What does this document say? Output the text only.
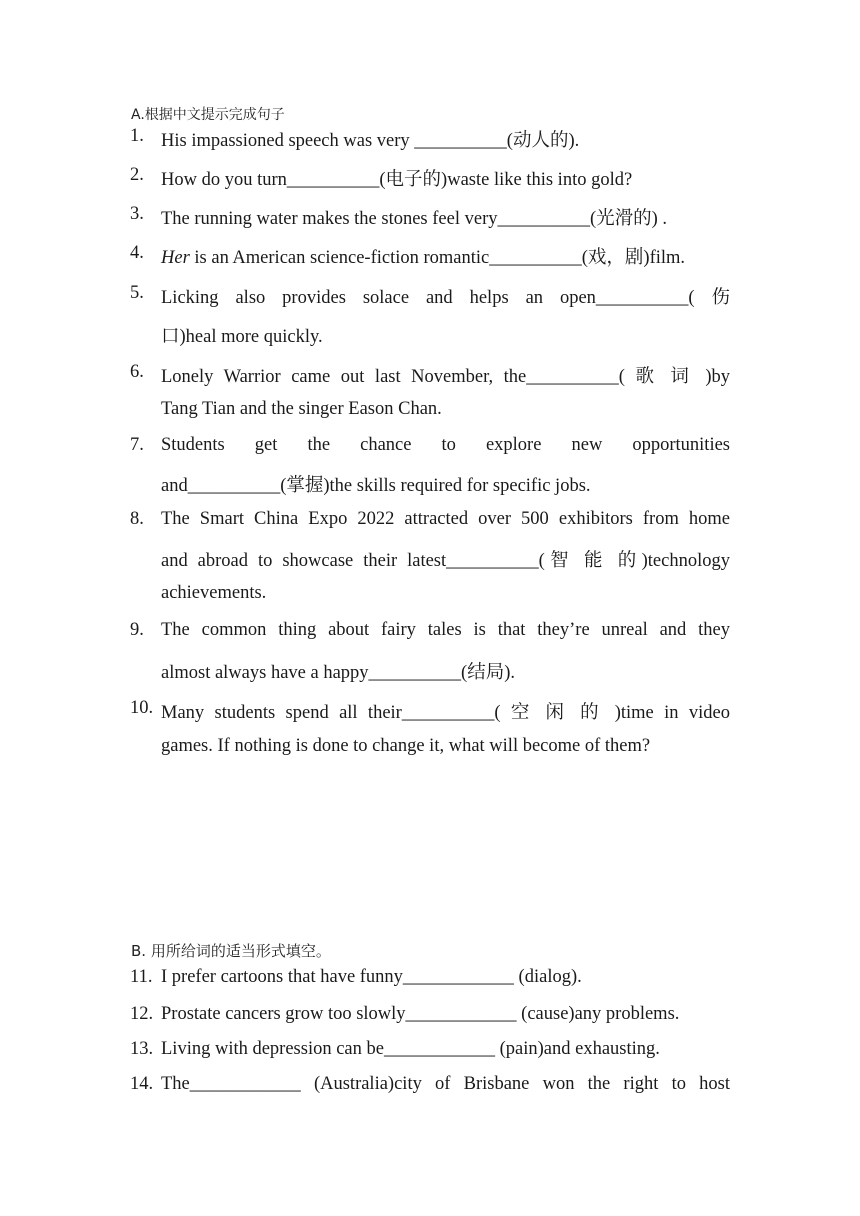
A.根据中文提示完成句子
1. His impassioned speech was very __________(动人的).
2. How do you turn__________(电子的)waste like this into gold?
3. The running water makes the stones feel very__________(光滑的) .
4. Her is an American science-fiction romantic__________(戏，剧)film.
5. Licking also provides solace and helps an open__________( 伤
口)heal more quickly.
6. Lonely Warrior came out last November, the__________( 歌 词 )by
Tang Tian and the singer Eason Chan.
7. Students get the chance to explore new opportunities
and__________(掌握)the skills required for specific jobs.
8. The Smart China Expo 2022 attracted over 500 exhibitors from home
and abroad to showcase their latest__________(智 能 的)technology
achievements.
9. The common thing about fairy tales is that they’re unreal and they
almost always have a happy__________(结局).
10. Many students spend all their__________( 空 闲 的 )time in video
games. If nothing is done to change it, what will become of them?
B. 用所给词的适当形式填空。
11. I prefer cartoons that have funny____________ (dialog).
12. Prostate cancers grow too slowly____________ (cause)any problems.
13. Living with depression can be____________ (pain)and exhausting.
14. The____________ (Australia)city of Brisbane won the right to host
